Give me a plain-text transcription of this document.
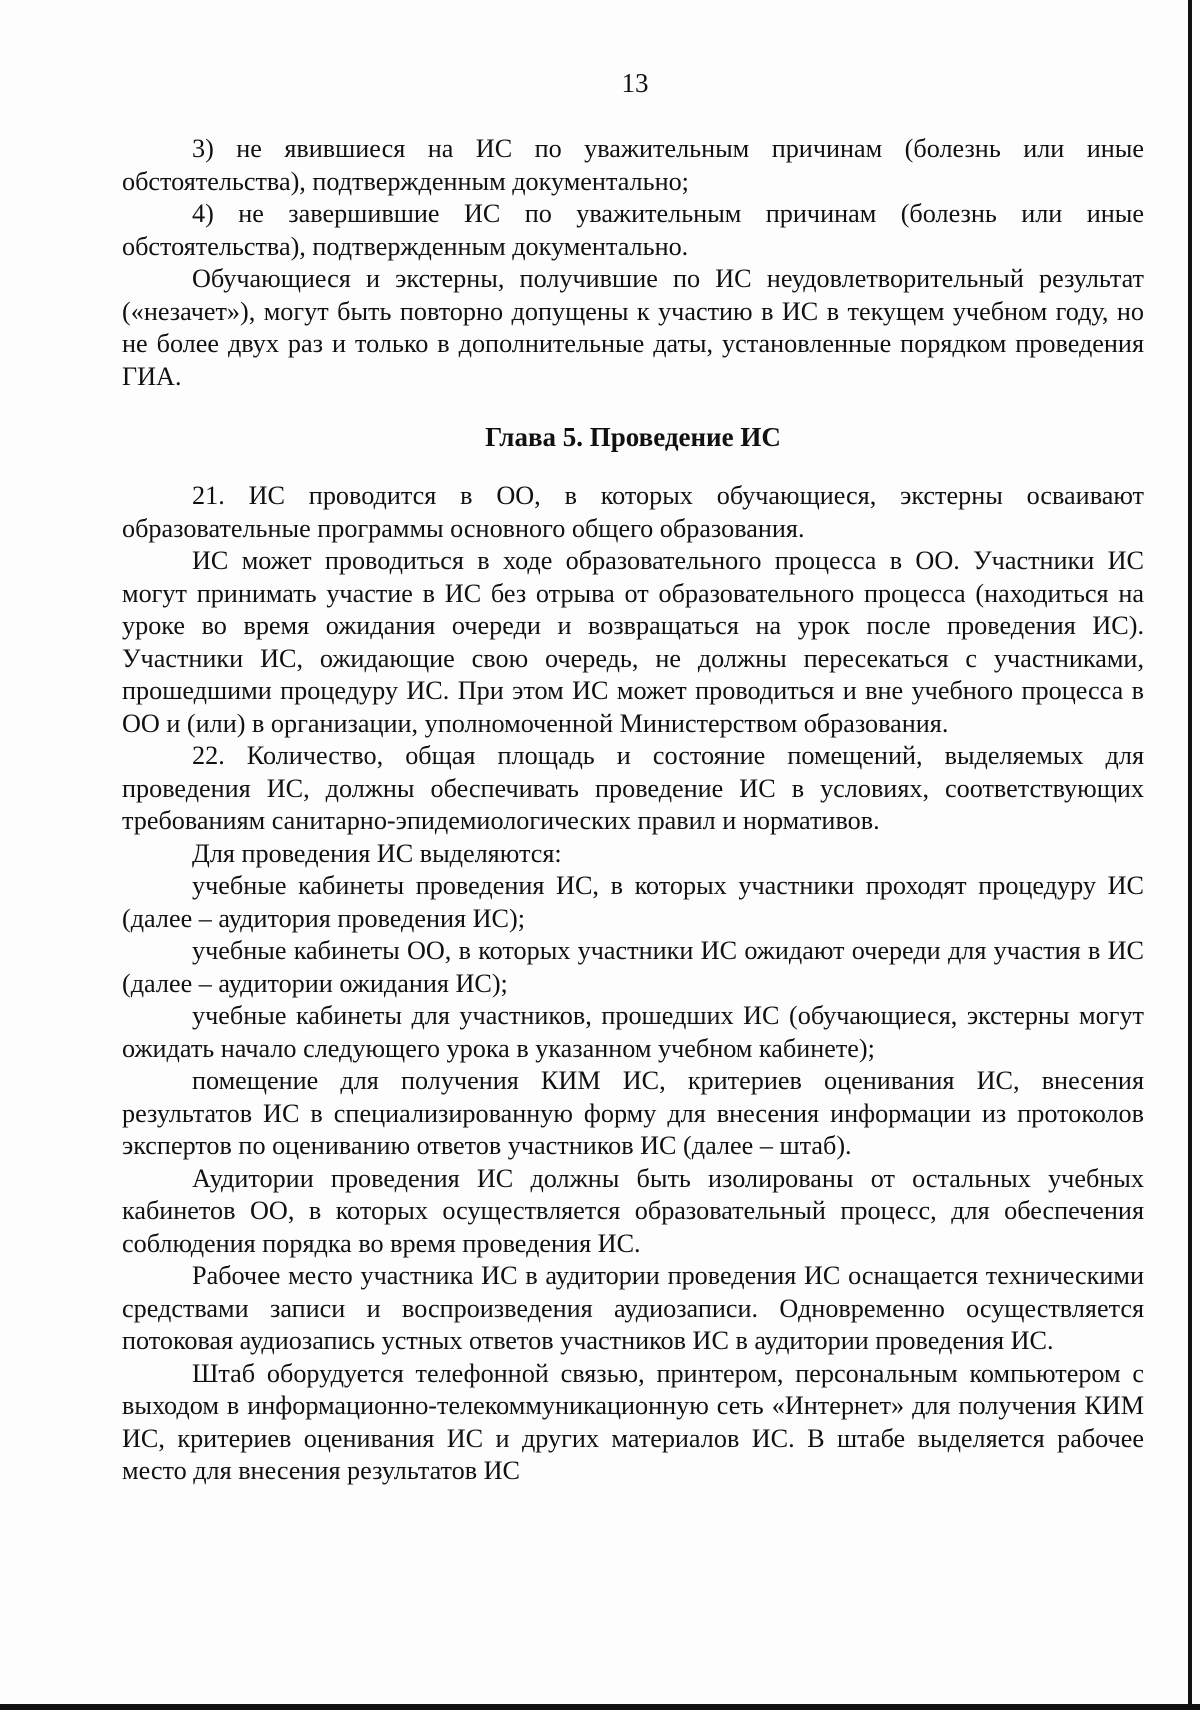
13

3) не явившиеся на ИС по уважительным причинам (болезнь или иные обстоятельства), подтвержденным документально;

4) не завершившие ИС по уважительным причинам (болезнь или иные обстоятельства), подтвержденным документально.

Обучающиеся и экстерны, получившие по ИС неудовлетворительный результат («незачет»), могут быть повторно допущены к участию в ИС в текущем учебном году, но не более двух раз и только в дополнительные даты, установленные порядком проведения ГИА.

Глава 5. Проведение ИС

21. ИС проводится в ОО, в которых обучающиеся, экстерны осваивают образовательные программы основного общего образования.

ИС может проводиться в ходе образовательного процесса в ОО. Участники ИС могут принимать участие в ИС без отрыва от образовательного процесса (находиться на уроке во время ожидания очереди и возвращаться на урок после проведения ИС). Участники ИС, ожидающие свою очередь, не должны пересекаться с участниками, прошедшими процедуру ИС. При этом ИС может проводиться и вне учебного процесса в ОО и (или) в организации, уполномоченной Министерством образования.

22. Количество, общая площадь и состояние помещений, выделяемых для проведения ИС, должны обеспечивать проведение ИС в условиях, соответствующих требованиям санитарно-эпидемиологических правил и нормативов.

Для проведения ИС выделяются:

учебные кабинеты проведения ИС, в которых участники проходят процедуру ИС (далее – аудитория проведения ИС);

учебные кабинеты ОО, в которых участники ИС ожидают очереди для участия в ИС (далее – аудитории ожидания ИС);

учебные кабинеты для участников, прошедших ИС (обучающиеся, экстерны могут ожидать начало следующего урока в указанном учебном кабинете);

помещение для получения КИМ ИС, критериев оценивания ИС, внесения результатов ИС в специализированную форму для внесения информации из протоколов экспертов по оцениванию ответов участников ИС (далее – штаб).

Аудитории проведения ИС должны быть изолированы от остальных учебных кабинетов ОО, в которых осуществляется образовательный процесс, для обеспечения соблюдения порядка во время проведения ИС.

Рабочее место участника ИС в аудитории проведения ИС оснащается техническими средствами записи и воспроизведения аудиозаписи. Одновременно осуществляется потоковая аудиозапись устных ответов участников ИС в аудитории проведения ИС.

Штаб оборудуется телефонной связью, принтером, персональным компьютером с выходом в информационно-телекоммуникационную сеть «Интернет» для получения КИМ ИС, критериев оценивания ИС и других материалов ИС. В штабе выделяется рабочее место для внесения результатов ИС
